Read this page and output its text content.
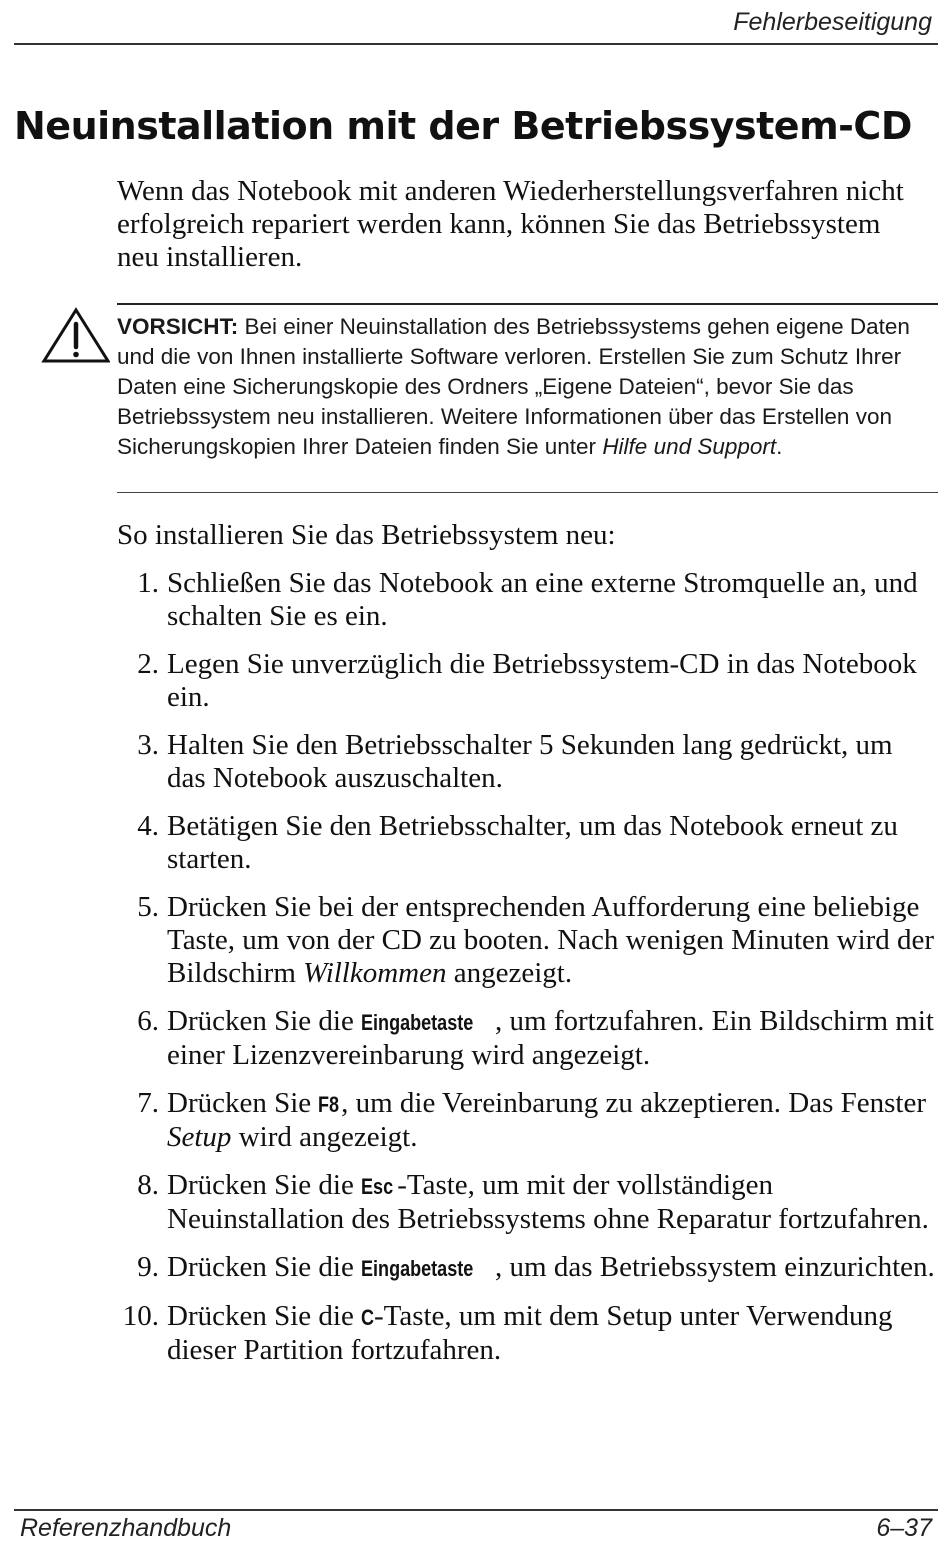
Fehlerbeseitigung
Neuinstallation mit der Betriebssystem-CD

Wenn das Notebook mit anderen Wiederherstellungsverfahren nicht erfolgreich repariert werden kann, können Sie das Betriebssystem neu installieren.

VORSICHT: Bei einer Neuinstallation des Betriebssystems gehen eigene Daten und die von Ihnen installierte Software verloren. Erstellen Sie zum Schutz Ihrer Daten eine Sicherungskopie des Ordners „Eigene Dateien“, bevor Sie das Betriebssystem neu installieren. Weitere Informationen über das Erstellen von Sicherungskopien Ihrer Dateien finden Sie unter Hilfe und Support.

So installieren Sie das Betriebssystem neu:

1. Schließen Sie das Notebook an eine externe Stromquelle an, und schalten Sie es ein.
2. Legen Sie unverzüglich die Betriebssystem-CD in das Notebook ein.
3. Halten Sie den Betriebsschalter 5 Sekunden lang gedrückt, um das Notebook auszuschalten.
4. Betätigen Sie den Betriebsschalter, um das Notebook erneut zu starten.
5. Drücken Sie bei der entsprechenden Aufforderung eine beliebige Taste, um von der CD zu booten. Nach wenigen Minuten wird der Bildschirm Willkommen angezeigt.
6. Drücken Sie die Eingabetaste , um fortzufahren. Ein Bildschirm mit einer Lizenzvereinbarung wird angezeigt.
7. Drücken Sie F8, um die Vereinbarung zu akzeptieren. Das Fenster Setup wird angezeigt.
8. Drücken Sie die Esc -Taste, um mit der vollständigen Neuinstallation des Betriebssystems ohne Reparatur fortzufahren.
9. Drücken Sie die Eingabetaste , um das Betriebssystem einzurichten.
10. Drücken Sie die C-Taste, um mit dem Setup unter Verwendung dieser Partition fortzufahren.
Referenzhandbuch	6–37
